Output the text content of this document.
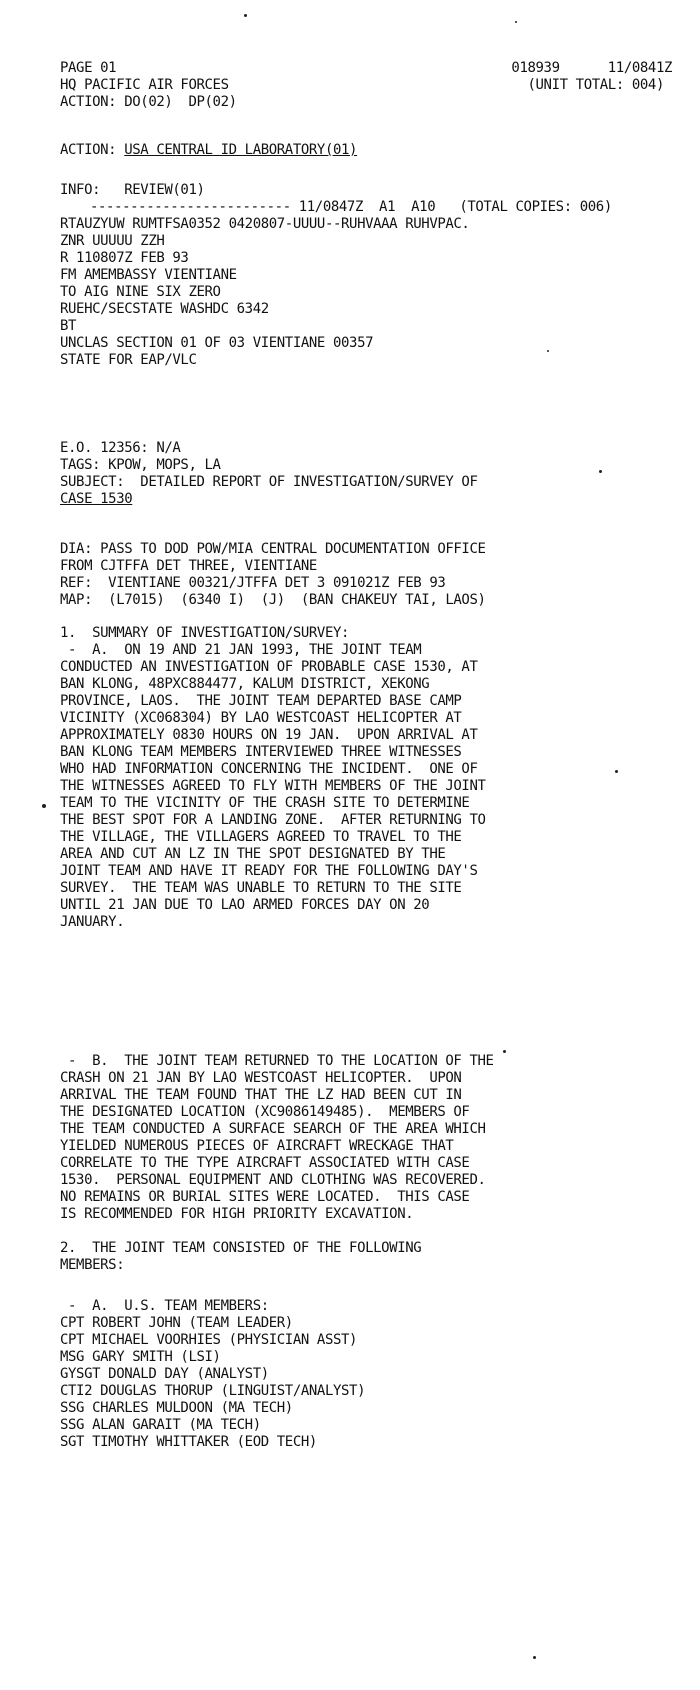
PAGE 01
HQ PACIFIC AIR FORCES
ACTION: DO(02)  DP(02)
018939      11/0841Z
(UNIT TOTAL: 004)
ACTION: USA CENTRAL ID LABORATORY(01)
INFO:   REVIEW(01)
------------------------- 11/0847Z  A1  A10   (TOTAL COPIES: 006)
RTAUZYUW RUMTFSA0352 0420807-UUUU--RUHVAAA RUHVPAC.
ZNR UUUUU ZZH
R 110807Z FEB 93
FM AMEMBASSY VIENTIANE
TO AIG NINE SIX ZERO
RUEHC/SECSTATE WASHDC 6342
BT
UNCLAS SECTION 01 OF 03 VIENTIANE 00357
STATE FOR EAP/VLC
E.O. 12356: N/A
TAGS: KPOW, MOPS, LA
SUBJECT:  DETAILED REPORT OF INVESTIGATION/SURVEY OF
CASE 1530
DIA: PASS TO DOD POW/MIA CENTRAL DOCUMENTATION OFFICE
FROM CJTFFA DET THREE, VIENTIANE
REF:  VIENTIANE 00321/JTFFA DET 3 091021Z FEB 93
MAP:  (L7015)  (6340 I)  (J)  (BAN CHAKEUY TAI, LAOS)
1.  SUMMARY OF INVESTIGATION/SURVEY:
-  A.  ON 19 AND 21 JAN 1993, THE JOINT TEAM
CONDUCTED AN INVESTIGATION OF PROBABLE CASE 1530, AT
BAN KLONG, 48PXC884477, KALUM DISTRICT, XEKONG
PROVINCE, LAOS.  THE JOINT TEAM DEPARTED BASE CAMP
VICINITY (XC068304) BY LAO WESTCOAST HELICOPTER AT
APPROXIMATELY 0830 HOURS ON 19 JAN.  UPON ARRIVAL AT
BAN KLONG TEAM MEMBERS INTERVIEWED THREE WITNESSES
WHO HAD INFORMATION CONCERNING THE INCIDENT.  ONE OF
THE WITNESSES AGREED TO FLY WITH MEMBERS OF THE JOINT
TEAM TO THE VICINITY OF THE CRASH SITE TO DETERMINE
THE BEST SPOT FOR A LANDING ZONE.  AFTER RETURNING TO
THE VILLAGE, THE VILLAGERS AGREED TO TRAVEL TO THE
AREA AND CUT AN LZ IN THE SPOT DESIGNATED BY THE
JOINT TEAM AND HAVE IT READY FOR THE FOLLOWING DAY'S
SURVEY.  THE TEAM WAS UNABLE TO RETURN TO THE SITE
UNTIL 21 JAN DUE TO LAO ARMED FORCES DAY ON 20
JANUARY.
-  B.  THE JOINT TEAM RETURNED TO THE LOCATION OF THE
CRASH ON 21 JAN BY LAO WESTCOAST HELICOPTER.  UPON
ARRIVAL THE TEAM FOUND THAT THE LZ HAD BEEN CUT IN
THE DESIGNATED LOCATION (XC9086149485).  MEMBERS OF
THE TEAM CONDUCTED A SURFACE SEARCH OF THE AREA WHICH
YIELDED NUMEROUS PIECES OF AIRCRAFT WRECKAGE THAT
CORRELATE TO THE TYPE AIRCRAFT ASSOCIATED WITH CASE
1530.  PERSONAL EQUIPMENT AND CLOTHING WAS RECOVERED.
NO REMAINS OR BURIAL SITES WERE LOCATED.  THIS CASE
IS RECOMMENDED FOR HIGH PRIORITY EXCAVATION.
2.  THE JOINT TEAM CONSISTED OF THE FOLLOWING
MEMBERS:
-  A.  U.S. TEAM MEMBERS:
CPT ROBERT JOHN (TEAM LEADER)
CPT MICHAEL VOORHIES (PHYSICIAN ASST)
MSG GARY SMITH (LSI)
GYSGT DONALD DAY (ANALYST)
CTI2 DOUGLAS THORUP (LINGUIST/ANALYST)
SSG CHARLES MULDOON (MA TECH)
SSG ALAN GARAIT (MA TECH)
SGT TIMOTHY WHITTAKER (EOD TECH)
